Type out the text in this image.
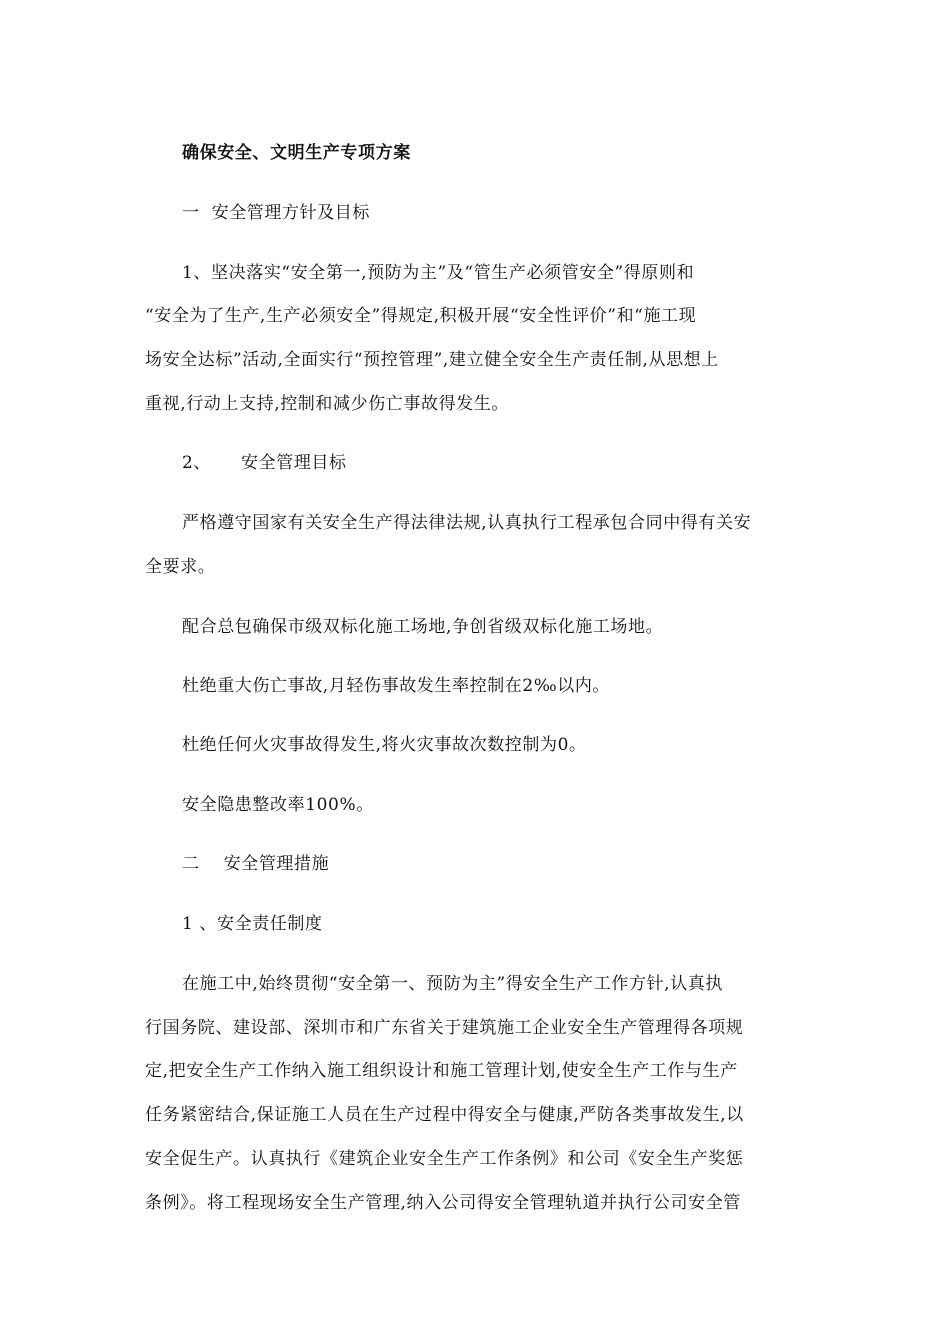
确保安全、文明生产专项方案
一  安全管理方针及目标
1、坚决落实“安全第一,预防为主”及“管生产必须管安全”得原则和
“安全为了生产,生产必须安全”得规定,积极开展“安全性评价”和“施工现
场安全达标”活动,全面实行“预控管理”,建立健全安全生产责任制,从思想上
重视,行动上支持,控制和减少伤亡事故得发生。
2、     安全管理目标
严格遵守国家有关安全生产得法律法规,认真执行工程承包合同中得有关安
全要求。
配合总包确保市级双标化施工场地,争创省级双标化施工场地。
杜绝重大伤亡事故,月轻伤事故发生率控制在2‰以内。
杜绝任何火灾事故得发生,将火灾事故次数控制为0。
安全隐患整改率100%。
二    安全管理措施
1 、安全责任制度
在施工中,始终贯彻“安全第一、预防为主”得安全生产工作方针,认真执
行国务院、建设部、深圳市和广东省关于建筑施工企业安全生产管理得各项规
定,把安全生产工作纳入施工组织设计和施工管理计划,使安全生产工作与生产
任务紧密结合,保证施工人员在生产过程中得安全与健康,严防各类事故发生,以
安全促生产。认真执行《建筑企业安全生产工作条例》和公司《安全生产奖惩
条例》。将工程现场安全生产管理,纳入公司得安全管理轨道并执行公司安全管
